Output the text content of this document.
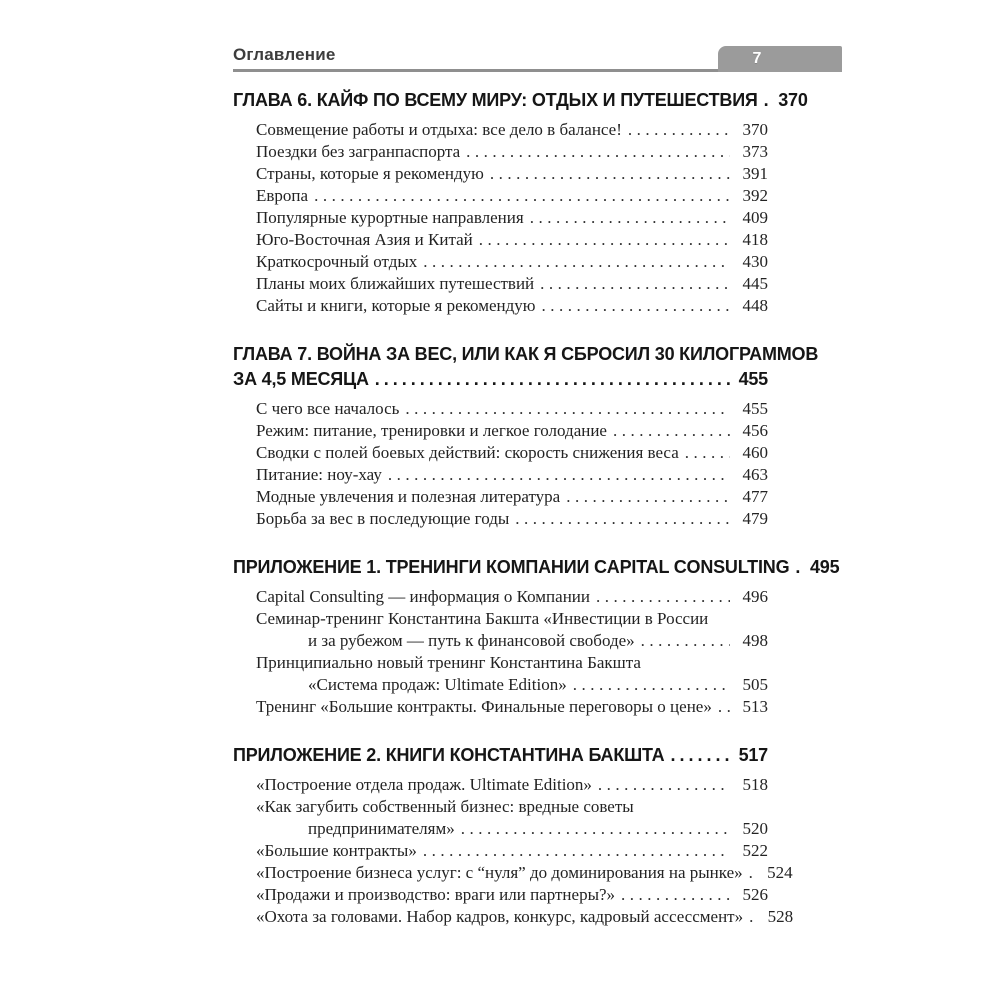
Оглавление	7
ГЛАВА 6. КАЙФ ПО ВСЕМУ МИРУ: ОТДЫХ И ПУТЕШЕСТВИЯ .....	370
Совмещение работы и отдыха: все дело в балансе! .....	370
Поездки без загранпаспорта .....	373
Страны, которые я рекомендую .....	391
Европа .....	392
Популярные курортные направления .....	409
Юго-Восточная Азия и Китай .....	418
Краткосрочный отдых .....	430
Планы моих ближайших путешествий .....	445
Сайты и книги, которые я рекомендую .....	448
ГЛАВА 7. ВОЙНА ЗА ВЕС, ИЛИ КАК Я СБРОСИЛ 30 КИЛОГРАММОВ
ЗА 4,5 МЕСЯЦА .....	455
С чего все началось .....	455
Режим: питание, тренировки и легкое голодание .....	456
Сводки с полей боевых действий: скорость снижения веса .....	460
Питание: ноу-хау .....	463
Модные увлечения и полезная литература .....	477
Борьба за вес в последующие годы .....	479
ПРИЛОЖЕНИЕ 1. ТРЕНИНГИ КОМПАНИИ CAPITAL CONSULTING .....	495
Capital Consulting — информация о Компании .....	496
Семинар-тренинг Константина Бакшта «Инвестиции в России
и за рубежом — путь к финансовой свободе» .....	498
Принципиально новый тренинг Константина Бакшта
«Система продаж: Ultimate Edition» .....	505
Тренинг «Большие контракты. Финальные переговоры о цене» .....	513
ПРИЛОЖЕНИЕ 2. КНИГИ КОНСТАНТИНА БАКШТА .....	517
«Построение отдела продаж. Ultimate Edition» .....	518
«Как загубить собственный бизнес: вредные советы
предпринимателям» .....	520
«Большие контракты» .....	522
«Построение бизнеса услуг: с “нуля” до доминирования на рынке» .....	524
«Продажи и производство: враги или партнеры?» .....	526
«Охота за головами. Набор кадров, конкурс, кадровый ассессмент» .....	528
